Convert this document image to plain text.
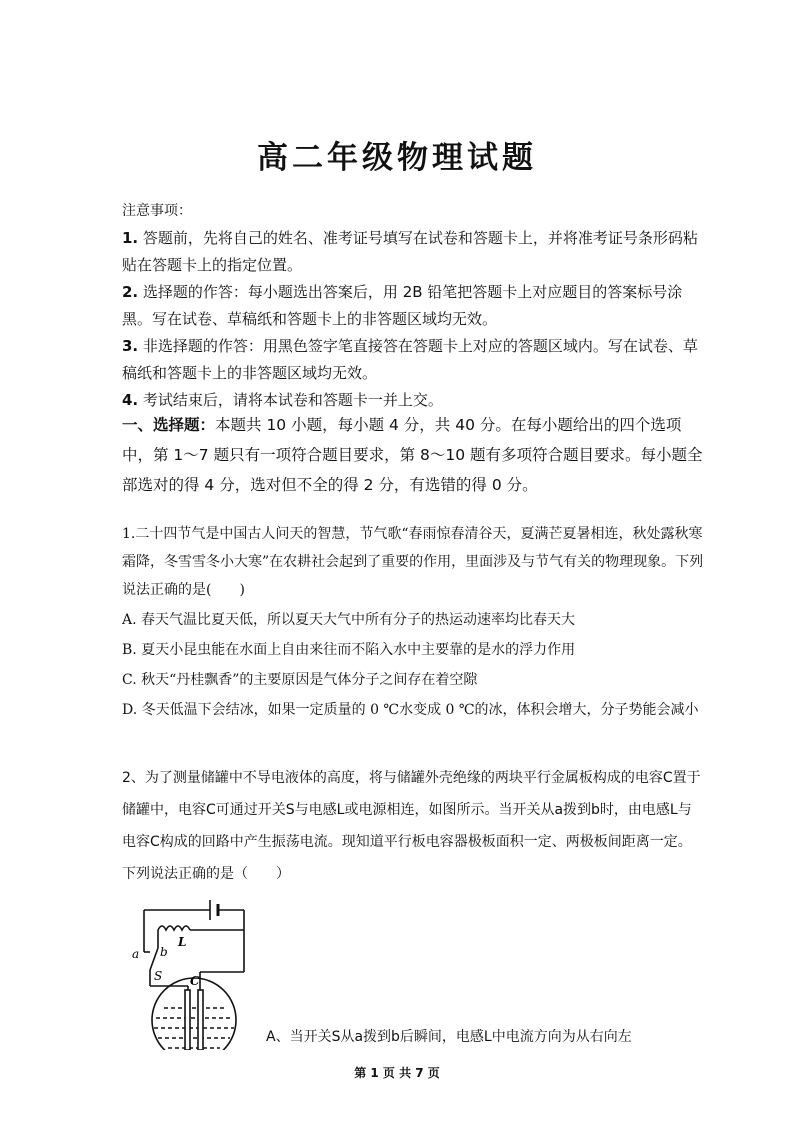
高二年级物理试题

注意事项：

1. 答题前，先将自己的姓名、准考证号填写在试卷和答题卡上，并将准考证号条形码粘贴在答题卡上的指定位置。

2. 选择题的作答：每小题选出答案后，用 2B 铅笔把答题卡上对应题目的答案标号涂黑。写在试卷、草稿纸和答题卡上的非答题区域均无效。

3. 非选择题的作答：用黑色签字笔直接答在答题卡上对应的答题区域内。写在试卷、草稿纸和答题卡上的非答题区域均无效。

4. 考试结束后，请将本试卷和答题卡一并上交。

一、选择题：本题共 10 小题，每小题 4 分，共 40 分。在每小题给出的四个选项中，第 1～7 题只有一项符合题目要求，第 8～10 题有多项符合题目要求。每小题全部选对的得 4 分，选对但不全的得 2 分，有选错的得 0 分。

1.二十四节气是中国古人问天的智慧，节气歌“春雨惊春清谷天，夏满芒夏暑相连，秋处露秋寒霜降，冬雪雪冬小大寒”在农耕社会起到了重要的作用，里面涉及与节气有关的物理现象。下列说法正确的是(　　)

A. 春天气温比夏天低，所以夏天大气中所有分子的热运动速率均比春天大

B. 夏天小昆虫能在水面上自由来往而不陷入水中主要靠的是水的浮力作用

C. 秋天“丹桂飘香”的主要原因是气体分子之间存在着空隙

D. 冬天低温下会结冰，如果一定质量的 0 ℃水变成 0 ℃的冰，体积会增大，分子势能会减小

2、为了测量储罐中不导电液体的高度，将与储罐外壳绝缘的两块平行金属板构成的电容C置于储罐中，电容C可通过开关S与电感L或电源相连，如图所示。当开关从a拨到b时，由电感L与电容C构成的回路中产生振荡电流。现知道平行板电容器极板面积一定、两极板间距离一定。下列说法正确的是（　　）

a b
S C
L
A、当开关S从a拨到b后瞬间，电感L中电流方向为从右向左
第 1 页 共 7 页
